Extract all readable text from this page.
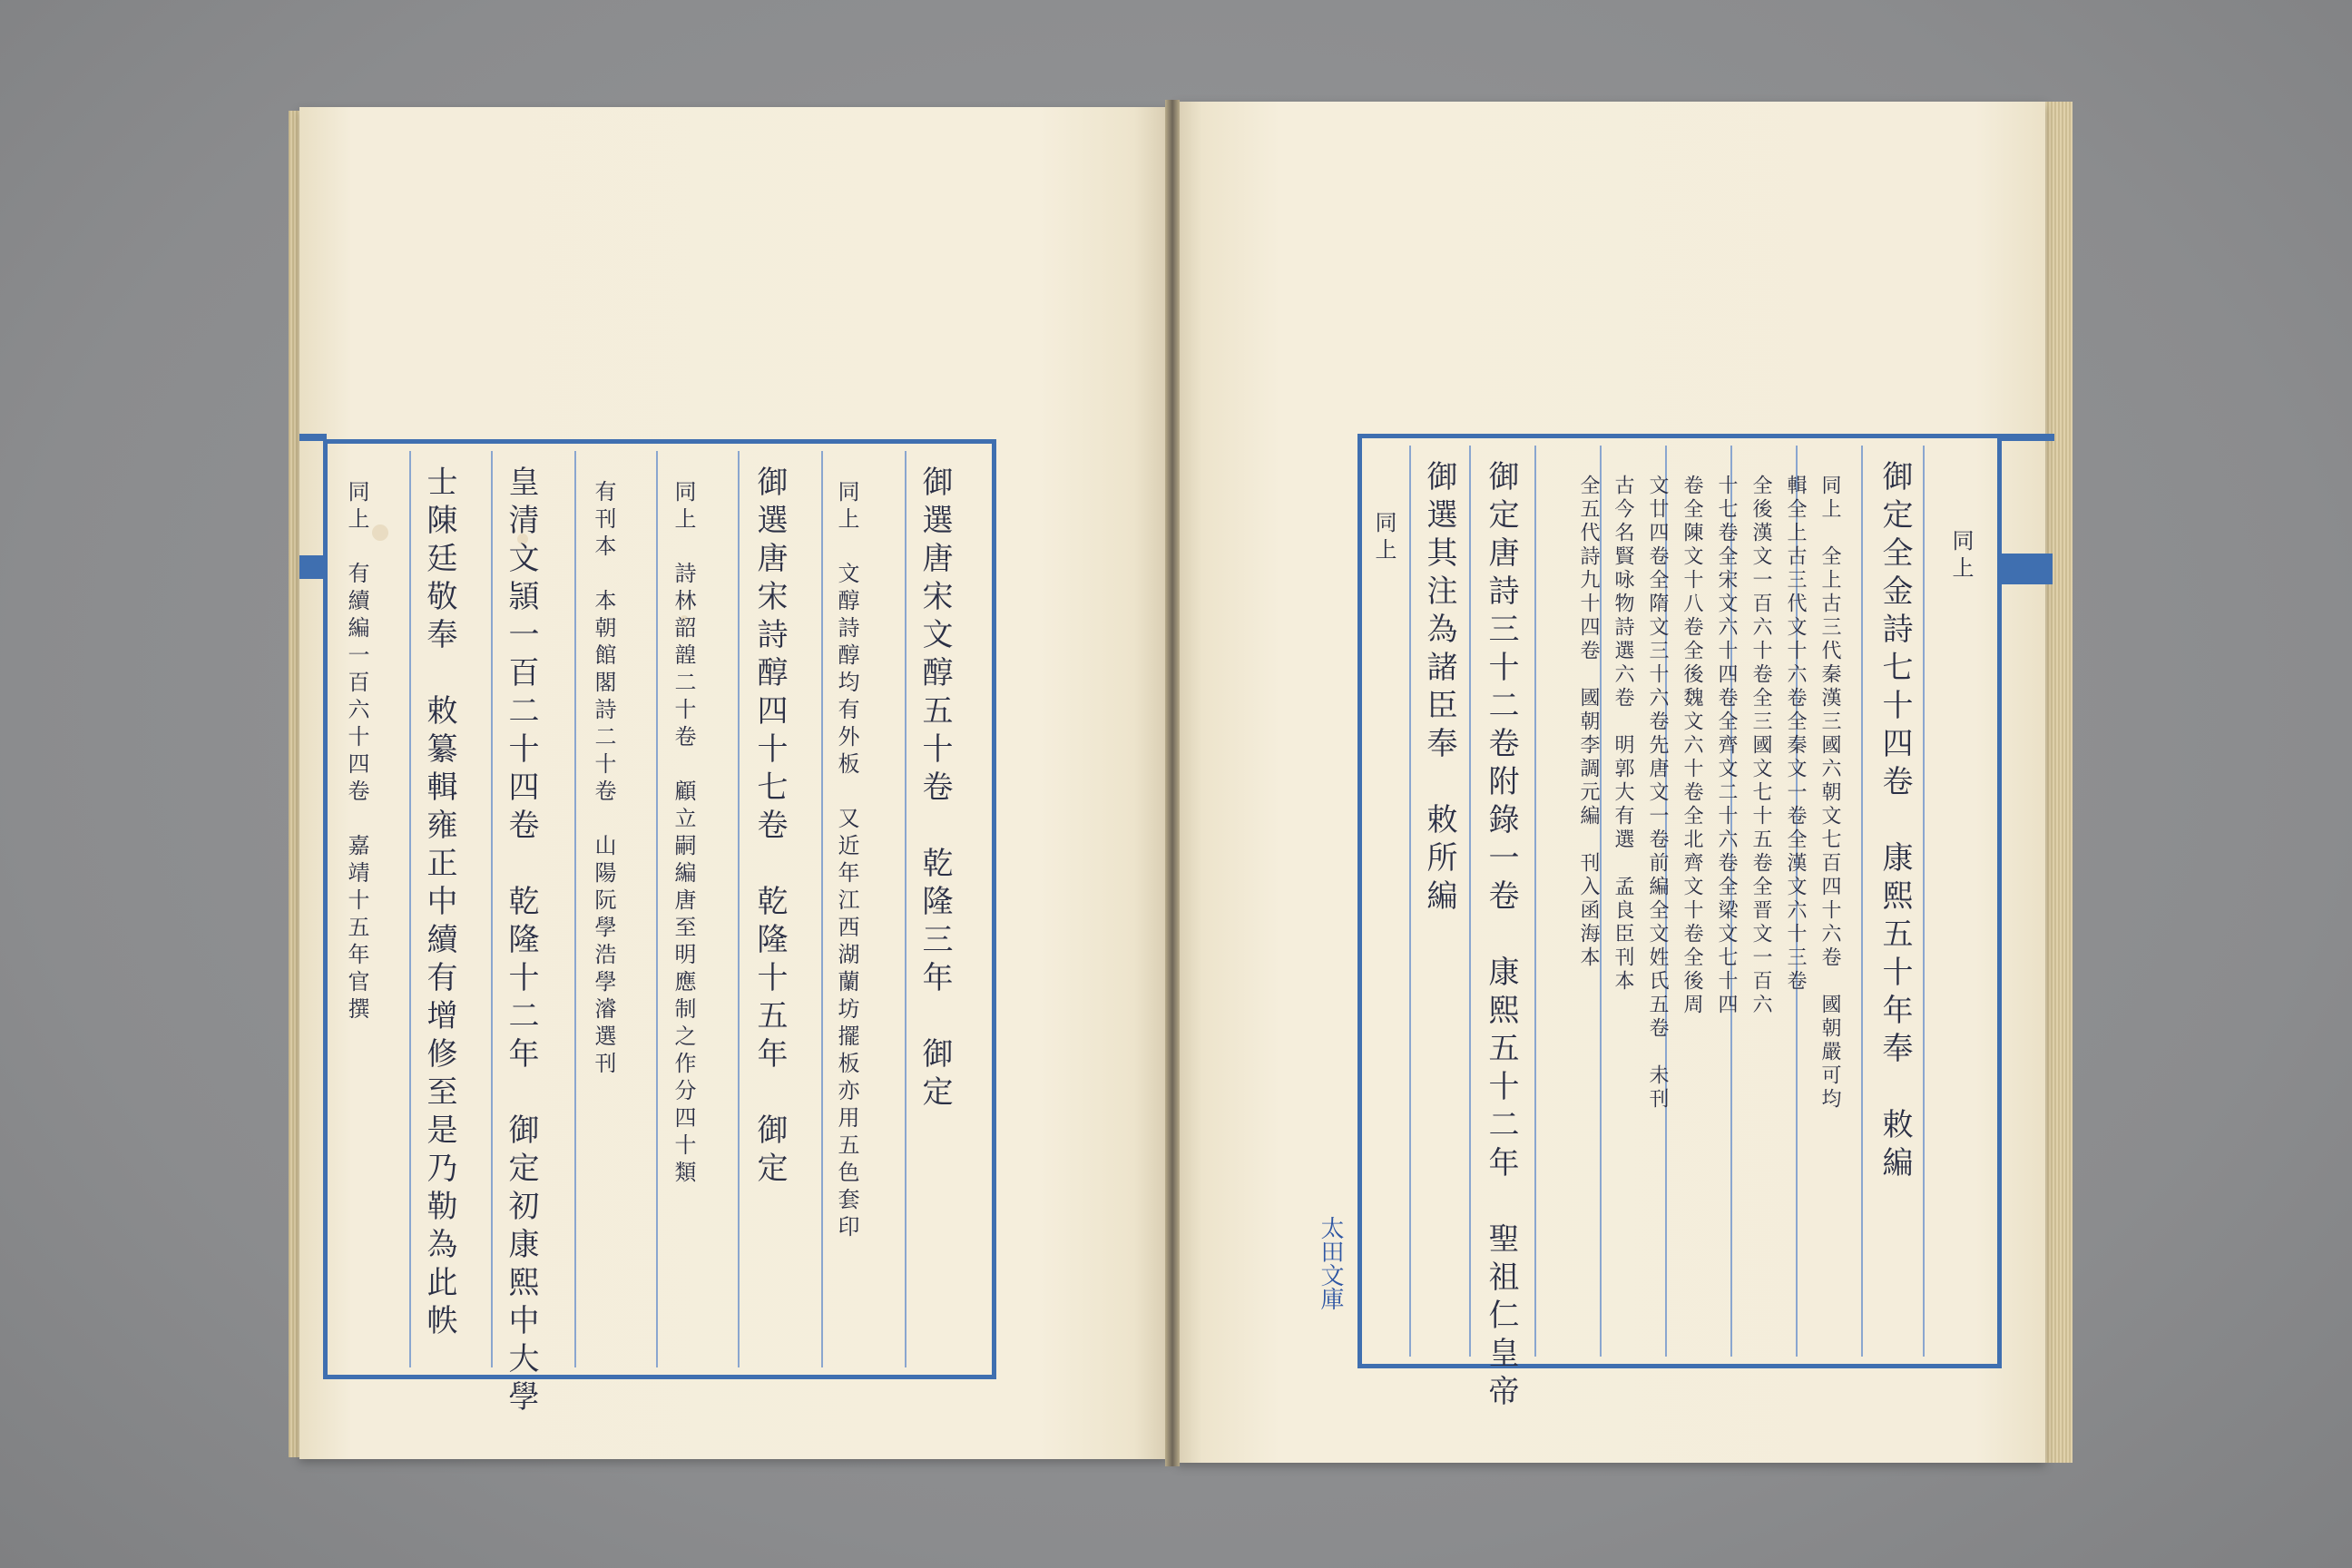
御選唐宋文醇五十卷　乾隆三年　御定
同上　文醇詩醇均有外板　又近年江西湖蘭坊擺板亦用五色套印
御選唐宋詩醇四十七卷　乾隆十五年　御定
同上　詩林韶韹二十卷　顧立嗣編唐至明應制之作分四十類
有刊本　本朝館閣詩二十卷　山陽阮學浩學濬選刊
皇清文頴一百二十四卷　乾隆十二年　御定初康熙中大學
士陳廷敬奉　敕纂輯雍正中續有增修至是乃勒為此帙
同上　有續編一百六十四卷　嘉靖十五年官撰	同上
御定全金詩七十四卷　康熙五十年奉　敕編
同上　全上古三代秦漢三國六朝文七百四十六卷　國朝嚴可均
輯全上古三代文十六卷全秦文一卷全漢文六十三卷
全後漢文一百六十卷全三國文七十五卷全晋文一百六
十七卷全宋文六十四卷全齊文二十六卷全梁文七十四
卷全陳文十八卷全後魏文六十卷全北齊文十卷全後周
文廿四卷全隋文三十六卷先唐文一卷前編全文姓氏五卷　未刊
古今名賢咏物詩選六卷　明郭大有選　孟良臣刊本
全五代詩九十四卷　國朝李調元編　刊入函海本
御定唐詩三十二卷附錄一卷　康熙五十二年　聖祖仁皇帝
御選其注為諸臣奉　敕所編
同上
太田文庫
